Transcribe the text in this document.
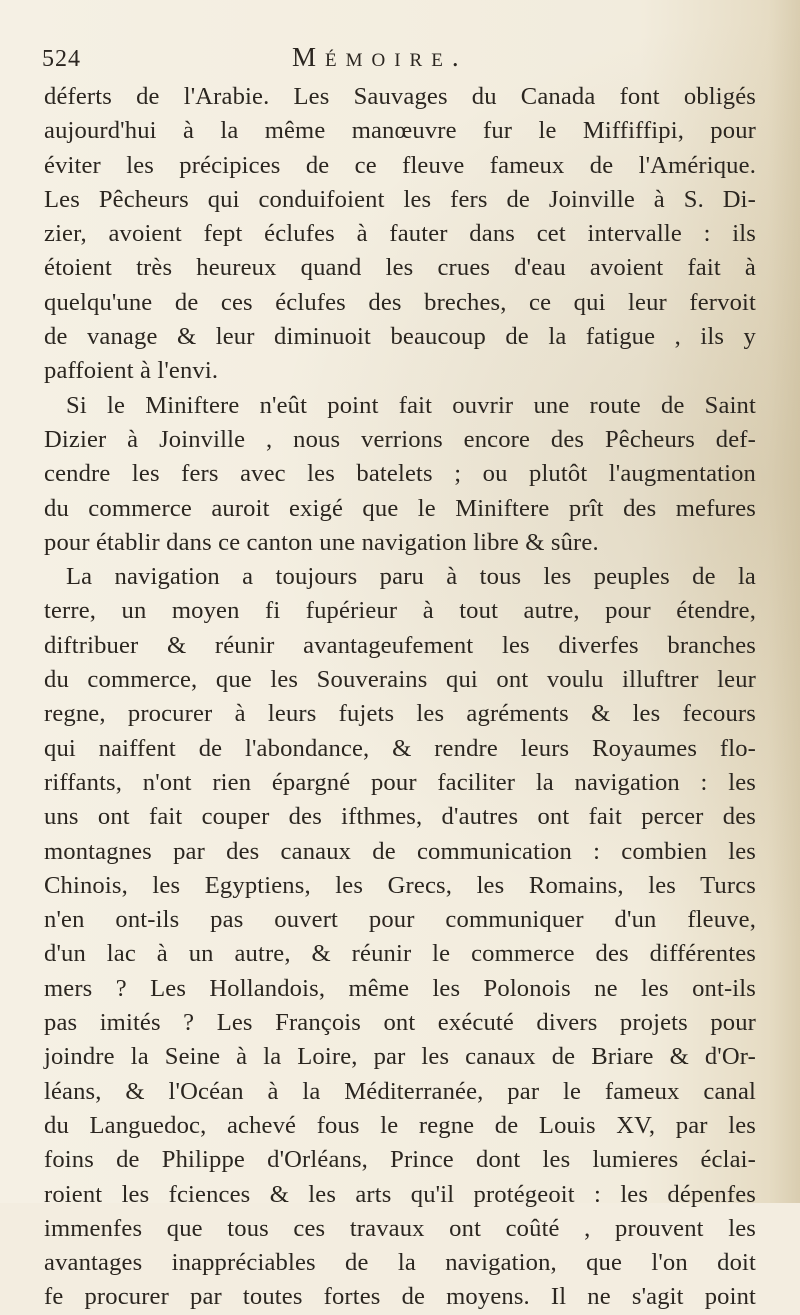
524	Mémoire.

déferts de l'Arabie. Les Sauvages du Canada font obligés
aujourd'hui à la même manœuvre fur le Miffiffipi, pour
éviter les précipices de ce fleuve fameux de l'Amérique.
Les Pêcheurs qui conduifoient les fers de Joinville à S. Di-
zier, avoient fept éclufes à fauter dans cet intervalle : ils
étoient très heureux quand les crues d'eau avoient fait à
quelqu'une de ces éclufes des breches, ce qui leur fervoit
de vanage & leur diminuoit beaucoup de la fatigue , ils y
paffoient à l'envi.

Si le Miniftere n'eût point fait ouvrir une route de Saint
Dizier à Joinville , nous verrions encore des Pêcheurs def-
cendre les fers avec les batelets ; ou plutôt l'augmentation
du commerce auroit exigé que le Miniftere prît des mefures
pour établir dans ce canton une navigation libre & sûre.

La navigation a toujours paru à tous les peuples de la
terre, un moyen fi fupérieur à tout autre, pour étendre,
diftribuer & réunir avantageufement les diverfes branches
du commerce, que les Souverains qui ont voulu illuftrer leur
regne, procurer à leurs fujets les agréments & les fecours
qui naiffent de l'abondance, & rendre leurs Royaumes flo-
riffants, n'ont rien épargné pour faciliter la navigation : les
uns ont fait couper des ifthmes, d'autres ont fait percer des
montagnes par des canaux de communication : combien les
Chinois, les Egyptiens, les Grecs, les Romains, les Turcs
n'en ont-ils pas ouvert pour communiquer d'un fleuve,
d'un lac à un autre, & réunir le commerce des différentes
mers ? Les Hollandois, même les Polonois ne les ont-ils
pas imités ? Les François ont exécuté divers projets pour
joindre la Seine à la Loire, par les canaux de Briare & d'Or-
léans, & l'Océan à la Méditerranée, par le fameux canal
du Languedoc, achevé fous le regne de Louis XV, par les
foins de Philippe d'Orléans, Prince dont les lumieres éclai-
roient les fciences & les arts qu'il protégeoit : les dépenfes
immenfes que tous ces travaux ont coûté , prouvent les
avantages inappréciables de la navigation, que l'on doit
fe procurer par toutes fortes de moyens. Il ne s'agit point
